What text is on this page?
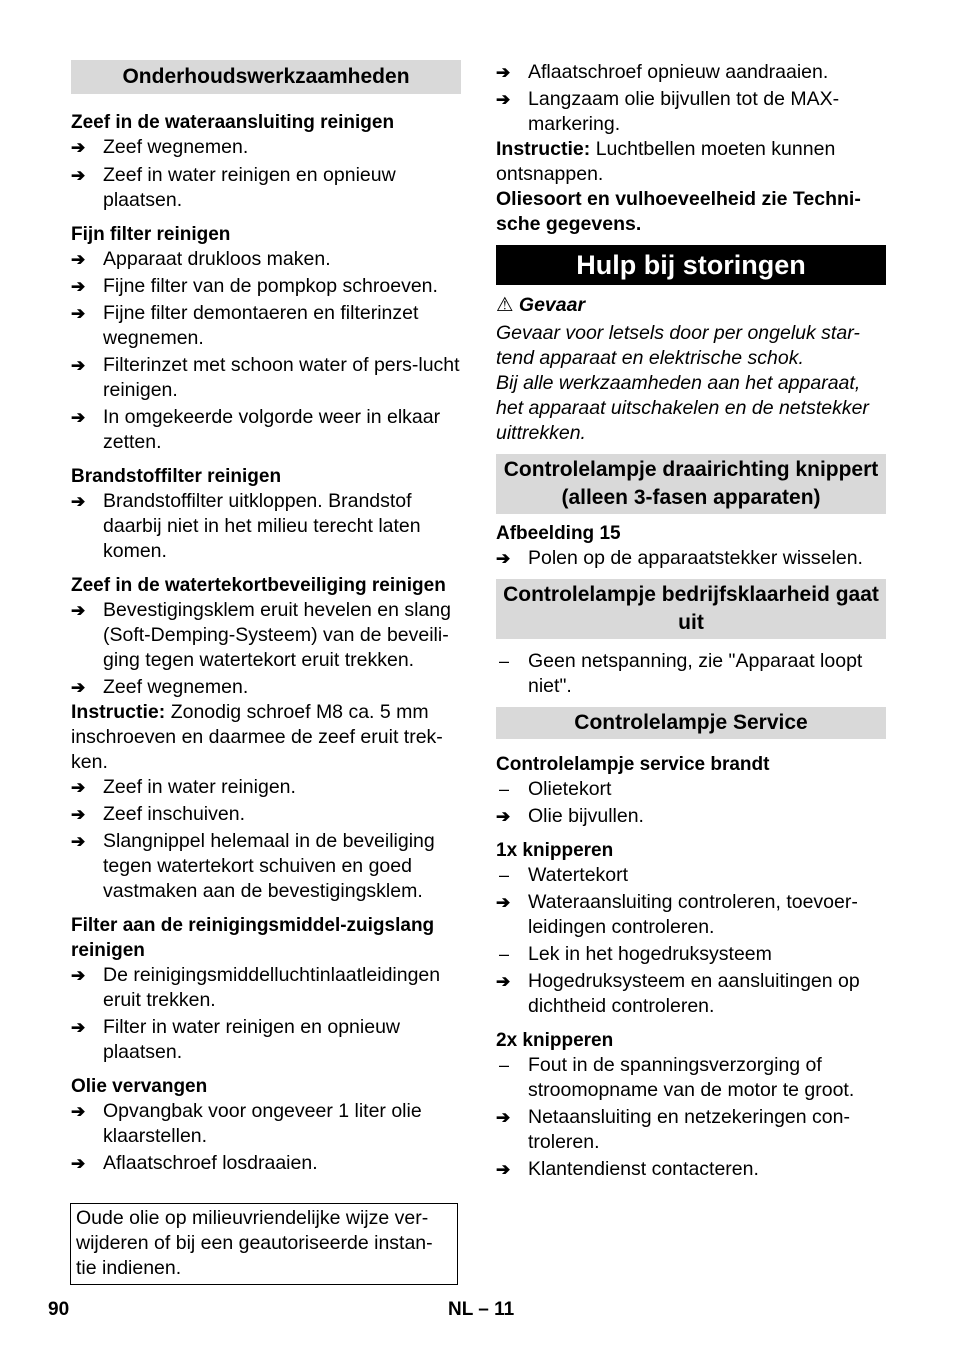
Onderhoudswerkzaamheden
Zeef in de wateraansluiting reinigen
➔ Zeef wegnemen.
➔ Zeef in water reinigen en opnieuw plaatsen.
Fijn filter reinigen
➔ Apparaat drukloos maken.
➔ Fijne filter van de pompkop schroeven.
➔ Fijne filter demontaeren en filterinzet wegnemen.
➔ Filterinzet met schoon water of pers-lucht reinigen.
➔ In omgekeerde volgorde weer in elkaar zetten.
Brandstoffilter reinigen
➔ Brandstoffilter uitkloppen. Brandstof daarbij niet in het milieu terecht laten komen.
Zeef in de watertekortbeveiliging reinigen
➔ Bevestigingsklem eruit hevelen en slang (Soft-Demping-Systeem) van de beveili-ging tegen watertekort eruit trekken.
➔ Zeef wegnemen.
Instructie: Zonodig schroef M8 ca. 5 mm inschroeven en daarmee de zeef eruit trek-ken.
➔ Zeef in water reinigen.
➔ Zeef inschuiven.
➔ Slangnippel helemaal in de beveiliging tegen watertekort schuiven en goed vastmaken aan de bevestigingsklem.
Filter aan de reinigingsmiddel-zuigslang reinigen
➔ De reinigingsmiddelluchtinlaatleidingen eruit trekken.
➔ Filter in water reinigen en opnieuw plaatsen.
Olie vervangen
➔ Opvangbak voor ongeveer 1 liter olie klaarstellen.
➔ Aflaatschroef losdraaien.
Oude olie op milieuvriendelijke wijze ver-wijderen of bij een geautoriseerde instan-tie indienen.
➔ Aflaatschroef opnieuw aandraaien.
➔ Langzaam olie bijvullen tot de MAX-markering.
Instructie: Luchtbellen moeten kunnen ontsnappen.
Oliesoort en vulhoeveelheid zie Techni-sche gegevens.
Hulp bij storingen
⚠ Gevaar
Gevaar voor letsels door per ongeluk star-tend apparaat en elektrische schok.
Bij alle werkzaamheden aan het apparaat, het apparaat uitschakelen en de netstekker uittrekken.
Controlelampje draairichting knippert (alleen 3-fasen apparaten)
Afbeelding 15
➔ Polen op de apparaatstekker wisselen.
Controlelampje bedrijfsklaarheid gaat uit
– Geen netspanning, zie "Apparaat loopt niet".
Controlelampje Service
Controlelampje service brandt
– Olietekort
➔ Olie bijvullen.
1x knipperen
– Watertekort
➔ Wateraansluiting controleren, toevoer-leidingen controleren.
– Lek in het hogedruksysteem
➔ Hogedruksysteem en aansluitingen op dichtheid controleren.
2x knipperen
– Fout in de spanningsverzorging of stroomopname van de motor te groot.
➔ Netaansluiting en netzekeringen con-troleren.
➔ Klantendienst contacteren.
90	NL – 11
